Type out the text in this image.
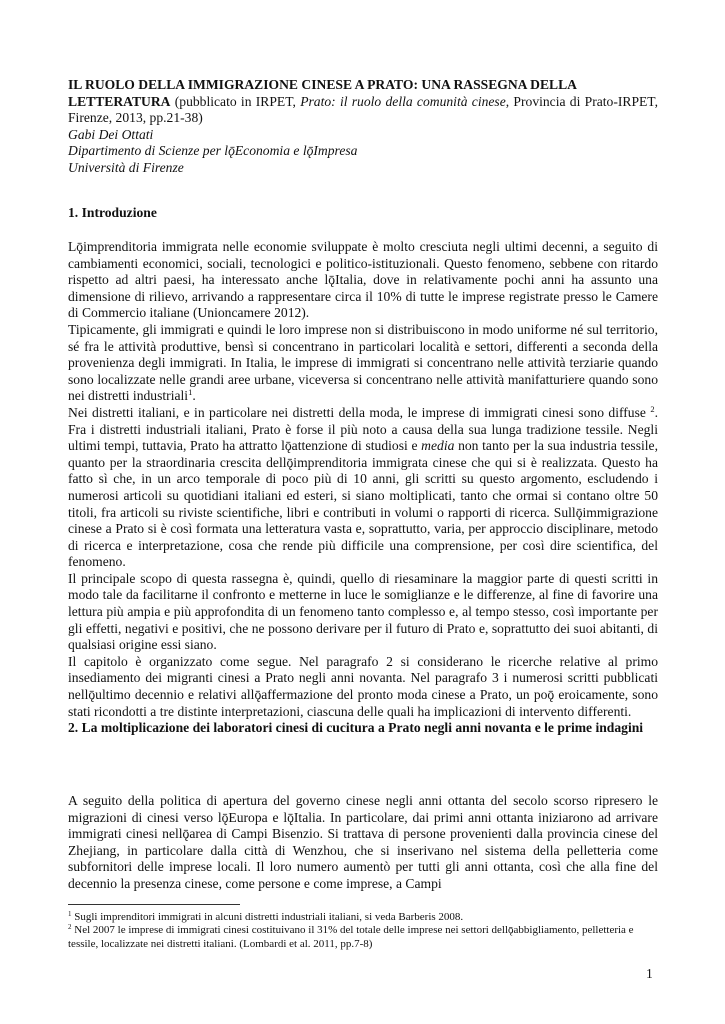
IL RUOLO DELLA IMMIGRAZIONE CINESE A PRATO: UNA RASSEGNA DELLA
LETTERATURA (pubblicato in IRPET, Prato: il ruolo della comunità cinese, Provincia di Prato-IRPET, Firenze, 2013, pp.21-38)
Gabi Dei Ottati
Dipartimento di Scienze per lǭEconomia e lǭImpresa
Università di Firenze
1. Introduzione

Lǭimprenditoria immigrata nelle economie sviluppate è molto cresciuta negli ultimi decenni, a seguito di cambiamenti economici, sociali, tecnologici e politico-istituzionali. Questo fenomeno, sebbene con ritardo rispetto ad altri paesi, ha interessato anche lǭItalia, dove in relativamente pochi anni ha assunto una dimensione di rilievo, arrivando a rappresentare circa il 10% di tutte le imprese registrate presso le Camere di Commercio italiane (Unioncamere 2012).

Tipicamente, gli immigrati e quindi le loro imprese non si distribuiscono in modo uniforme né sul territorio, sé fra le attività produttive, bensì si concentrano in particolari località e settori, differenti a seconda della provenienza degli immigrati. In Italia, le imprese di immigrati si concentrano nelle attività terziarie quando sono localizzate nelle grandi aree urbane, viceversa si concentrano nelle attività manifatturiere quando sono nei distretti industriali$^1$.

Nei distretti italiani, e in particolare nei distretti della moda, le imprese di immigrati cinesi sono diffuse $^2$. Fra i distretti industriali italiani, Prato è forse il più noto a causa della sua lunga tradizione tessile. Negli ultimi tempi, tuttavia, Prato ha attratto lǭattenzione di studiosi e media non tanto per la sua industria tessile, quanto per la straordinaria crescita dellǭimprenditoria immigrata cinese che qui si è realizzata. Questo ha fatto sì che, in un arco temporale di poco più di 10 anni, gli scritti su questo argomento, escludendo i numerosi articoli su quotidiani italiani ed esteri, si siano moltiplicati, tanto che ormai si contano oltre 50 titoli, fra articoli su riviste scientifiche, libri e contributi in volumi o rapporti di ricerca. Sullǭimmigrazione cinese a Prato si è così formata una letteratura vasta e, soprattutto, varia, per approccio disciplinare, metodo di ricerca e interpretazione, cosa che rende più difficile una comprensione, per così dire scientifica, del fenomeno.

Il principale scopo di questa rassegna è, quindi, quello di riesaminare la maggior parte di questi scritti in modo tale da facilitarne il confronto e metterne in luce le somiglianze e le differenze, al fine di favorire una lettura più ampia e più approfondita di un fenomeno tanto complesso e, al tempo stesso, così importante per gli effetti, negativi e positivi, che ne possono derivare per il futuro di Prato e, soprattutto dei suoi abitanti, di qualsiasi origine essi siano.

Il capitolo è organizzato come segue. Nel paragrafo 2 si considerano le ricerche relative al primo insediamento dei migranti cinesi a Prato negli anni novanta. Nel paragrafo 3 i numerosi scritti pubblicati nellǭultimo decennio e relativi allǭaffermazione del pronto moda cinese a Prato, un poǭ eroicamente, sono stati ricondotti a tre distinte interpretazioni, ciascuna delle quali ha implicazioni di intervento differenti.

2. La moltiplicazione dei laboratori cinesi di cucitura a Prato negli anni novanta e le prime indagini

A seguito della politica di apertura del governo cinese negli anni ottanta del secolo scorso ripresero le migrazioni di cinesi verso lǭEuropa e lǭItalia. In particolare, dai primi anni ottanta iniziarono ad arrivare immigrati cinesi nellǭarea di Campi Bisenzio. Si trattava di persone provenienti dalla provincia cinese del Zhejiang, in particolare dalla città di Wenzhou, che si inserivano nel sistema della pelletteria come subfornitori delle imprese locali. Il loro numero aumentò per tutti gli anni ottanta, così che alla fine del decennio la presenza cinese, come persone e come imprese, a Campi

$^1$ Sugli imprenditori immigrati in alcuni distretti industriali italiani, si veda Barberis 2008.

$^2$ Nel 2007 le imprese di immigrati cinesi costituivano il 31% del totale delle imprese nei settori dellǭabbigliamento, pelletteria e tessile, localizzate nei distretti italiani. (Lombardi et al. 2011, pp.7-8)

1
